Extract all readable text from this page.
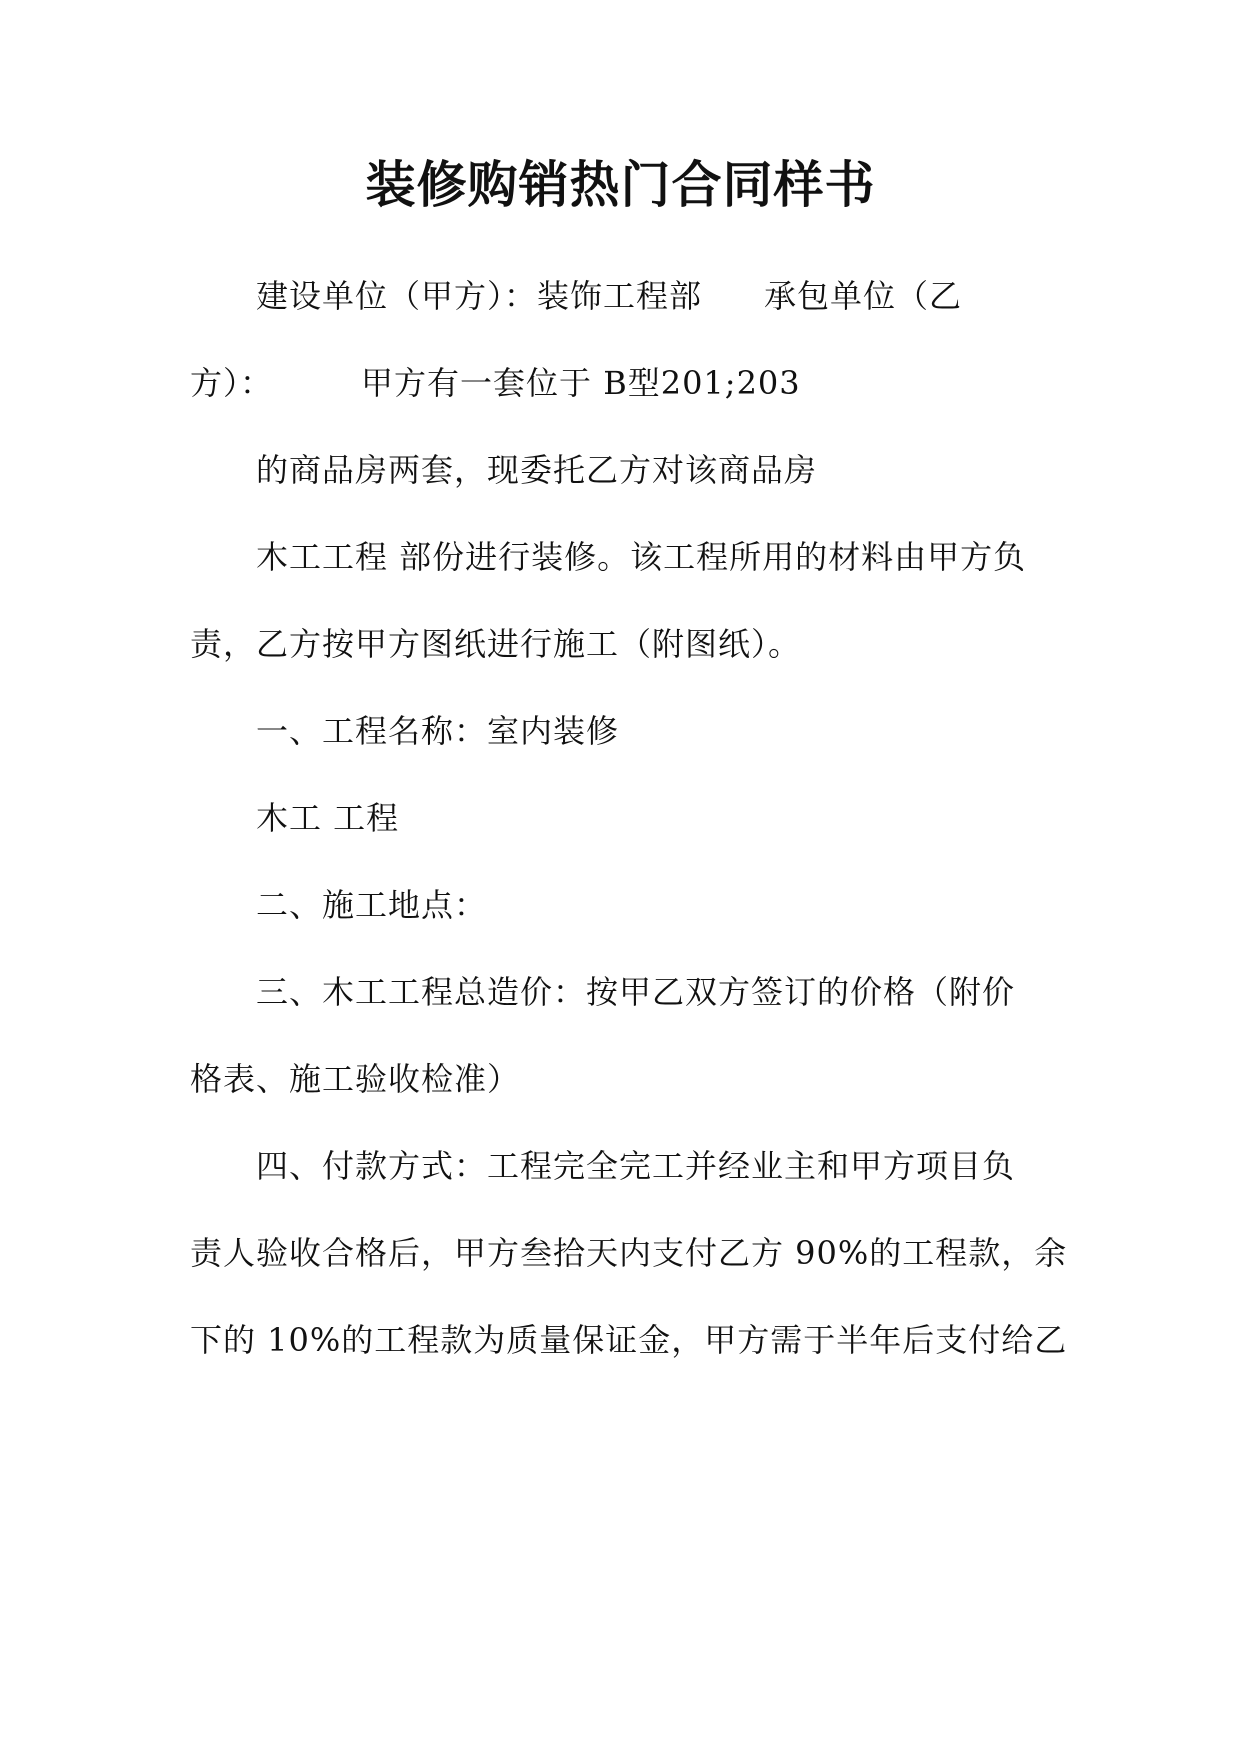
装修购销热门合同样书
建设单位（甲方）：装饰工程部 承包单位（乙
方）：	甲方有一套位于 B型201;203
的商品房两套，现委托乙方对该商品房
木工工程 部份进行装修。该工程所用的材料由甲方负
责，乙方按甲方图纸进行施工（附图纸）。
一、工程名称：室内装修
木工 工程
二、施工地点：
三、木工工程总造价：按甲乙双方签订的价格（附价
格表、施工验收检准）
四、付款方式：工程完全完工并经业主和甲方项目负
责人验收合格后，甲方叁拾天内支付乙方 90%的工程款，余
下的 10%的工程款为质量保证金，甲方需于半年后支付给乙
